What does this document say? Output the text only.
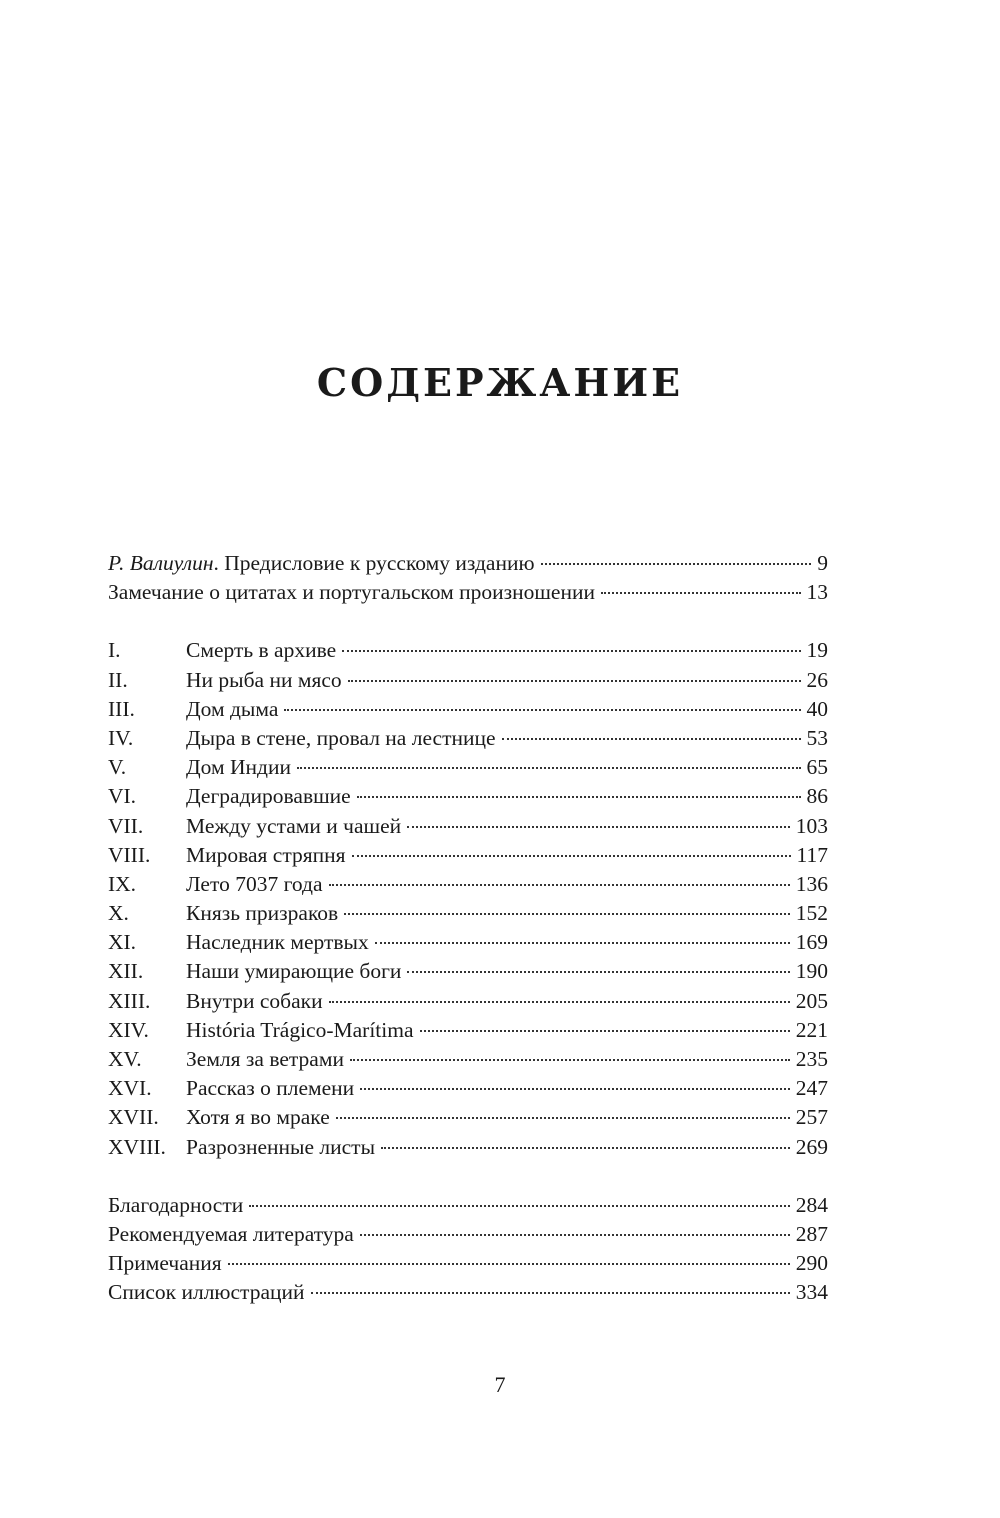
СОДЕРЖАНИЕ
Р. Валиулин. Предисловие к русскому изданию	9
Замечание о цитатах и португальском произношении	13
I.	Смерть в архиве	19
II.	Ни рыба ни мясо	26
III.	Дом дыма	40
IV.	Дыра в стене, провал на лестнице	53
V.	Дом Индии	65
VI.	Деградировавшие	86
VII.	Между устами и чашей	103
VIII.	Мировая стряпня	117
IX.	Лето 7037 года	136
X.	Князь призраков	152
XI.	Наследник мертвых	169
XII.	Наши умирающие боги	190
XIII.	Внутри собаки	205
XIV.	História Trágico-Marítima	221
XV.	Земля за ветрами	235
XVI.	Рассказ о племени	247
XVII.	Хотя я во мраке	257
XVIII. Разрозненные листы	269
Благодарности	284
Рекомендуемая литература	287
Примечания	290
Список иллюстраций	334
7
